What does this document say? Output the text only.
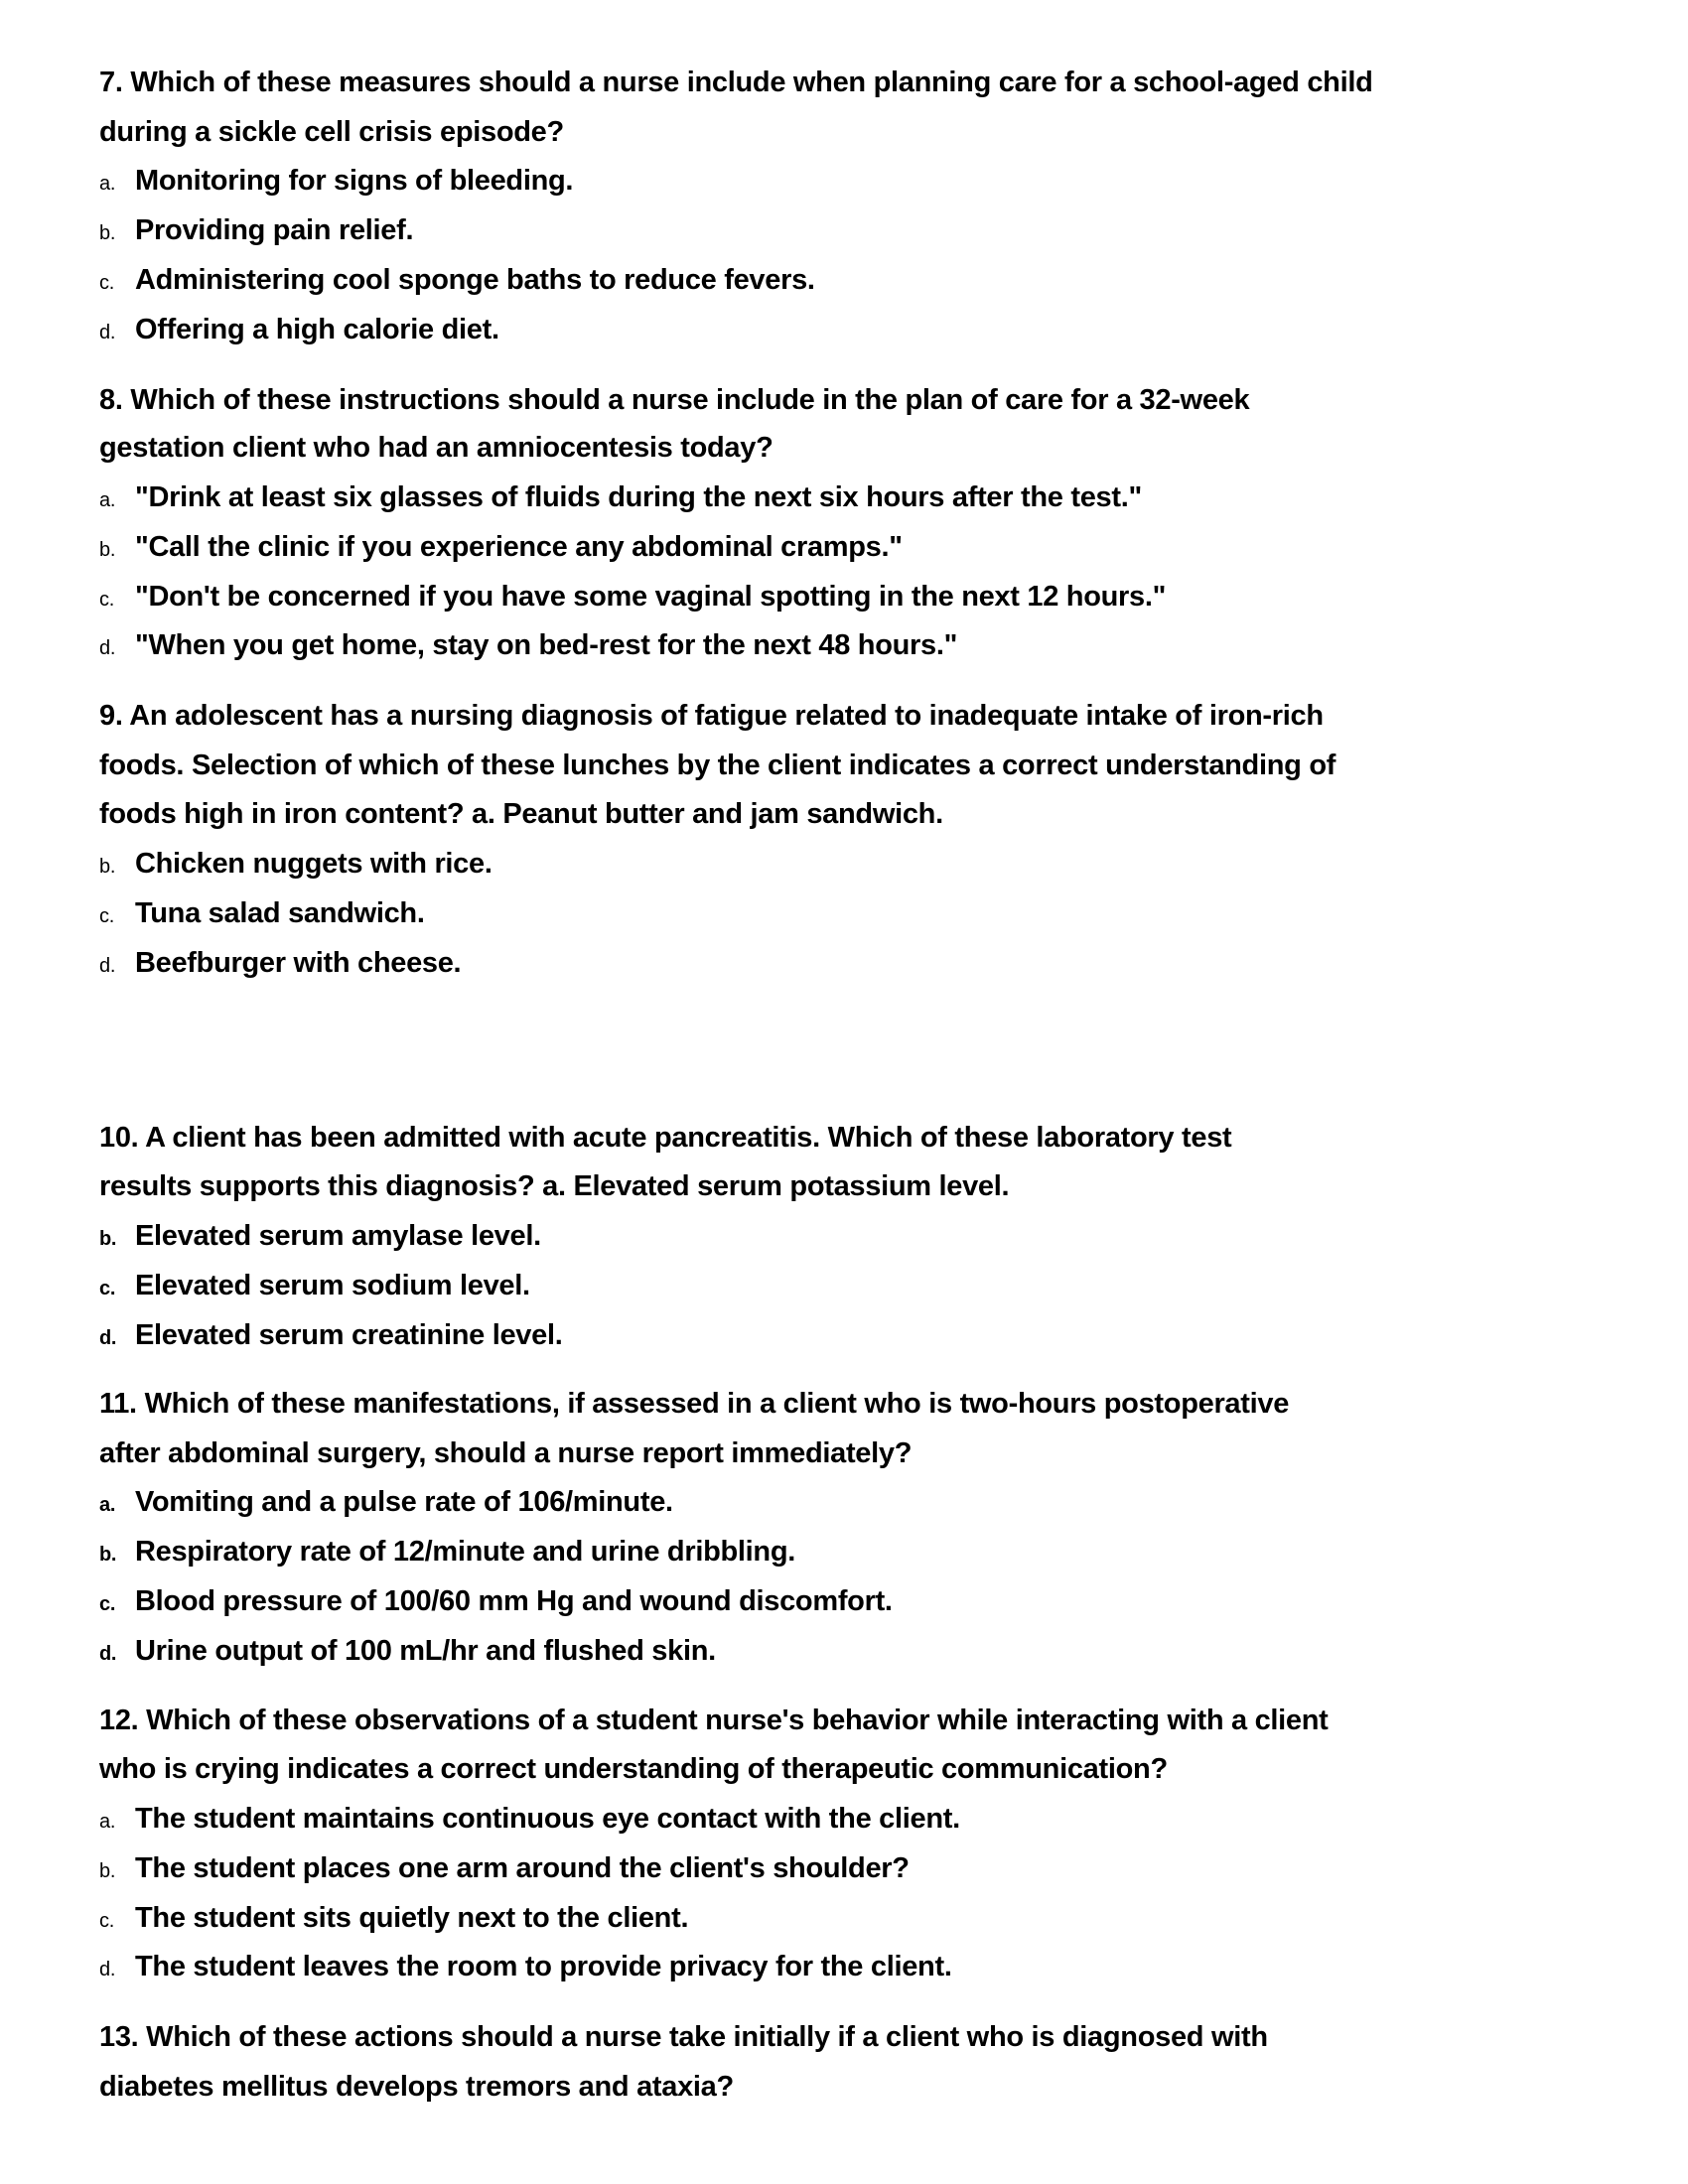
7. Which of these measures should a nurse include when planning care for a school-aged child
during a sickle cell crisis episode?
a. Monitoring for signs of bleeding.
b. Providing pain relief.
c. Administering cool sponge baths to reduce fevers.
d. Offering a high calorie diet.
8. Which of these instructions should a nurse include in the plan of care for a 32-week
gestation client who had an amniocentesis today?
a. "Drink at least six glasses of fluids during the next six hours after the test."
b. "Call the clinic if you experience any abdominal cramps."
c. "Don't be concerned if you have some vaginal spotting in the next 12 hours."
d. "When you get home, stay on bed-rest for the next 48 hours."
9. An adolescent has a nursing diagnosis of fatigue related to inadequate intake of iron-rich
foods. Selection of which of these lunches by the client indicates a correct understanding of
foods high in iron content? a. Peanut butter and jam sandwich.
b. Chicken nuggets with rice.
c. Tuna salad sandwich.
d. Beefburger with cheese.
10. A client has been admitted with acute pancreatitis. Which of these laboratory test
results supports this diagnosis? a. Elevated serum potassium level.
b. Elevated serum amylase level.
c. Elevated serum sodium level.
d. Elevated serum creatinine level.
11. Which of these manifestations, if assessed in a client who is two-hours postoperative
after abdominal surgery, should a nurse report immediately?
a. Vomiting and a pulse rate of 106/minute.
b. Respiratory rate of 12/minute and urine dribbling.
c. Blood pressure of 100/60 mm Hg and wound discomfort.
d. Urine output of 100 mL/hr and flushed skin.
12. Which of these observations of a student nurse's behavior while interacting with a client
who is crying indicates a correct understanding of therapeutic communication?
a. The student maintains continuous eye contact with the client.
b. The student places one arm around the client's shoulder?
c. The student sits quietly next to the client.
d. The student leaves the room to provide privacy for the client.
13. Which of these actions should a nurse take initially if a client who is diagnosed with
diabetes mellitus develops tremors and ataxia?
